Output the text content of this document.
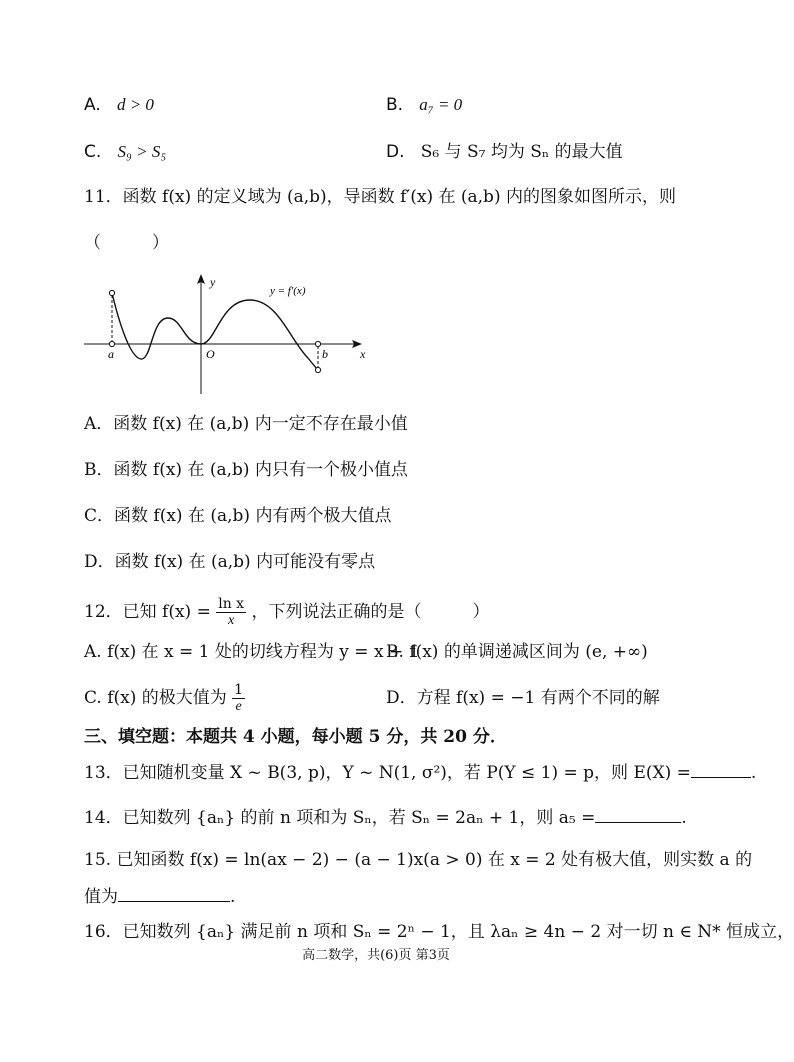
A. d > 0	B. a₇ = 0
C. S₉ > S₅	D. S₆ 与 S₇ 均为 Sₙ 的最大值
11．函数 f(x) 的定义域为 (a,b)，导函数 f′(x) 在 (a,b) 内的图象如图所示，则
（　　　）
y
x
O
a	b
y = f′(x)
A．函数 f(x) 在 (a,b) 内一定不存在最小值
B．函数 f(x) 在 (a,b) 内只有一个极小值点
C．函数 f(x) 在 (a,b) 内有两个极大值点
D．函数 f(x) 在 (a,b) 内可能没有零点
12．已知 $f(x) = \frac{\text{ln x}}{x}$ ，下列说法正确的是（　　　）
A. f(x) 在 x = 1 处的切线方程为 y = x + 1
B. f(x) 的单调递减区间为 (e, +∞)
C. f(x) 的极大值为 $\frac{1}{e}$	D．方程 f(x) = −1 有两个不同的解
三、填空题：本题共 4 小题，每小题 5 分，共 20 分．
13．已知随机变量 X ~ B(3, p)，Y ~ N(1, σ²)，若 P(Y ≤ 1) = p，则 E(X) =	.
14．已知数列 {aₙ} 的前 n 项和为 Sₙ，若 Sₙ = 2aₙ + 1，则 a₅ =	.
15. 已知函数 f(x) = ln(ax − 2) − (a − 1)x(a > 0) 在 x = 2 处有极大值，则实数 a 的
值为	.
16．已知数列 {aₙ} 满足前 n 项和 Sₙ = 2ⁿ − 1，且 λaₙ ≥ 4n − 2 对一切 n ∈ N* 恒成立，
高二数学，共(6)页 第3页
